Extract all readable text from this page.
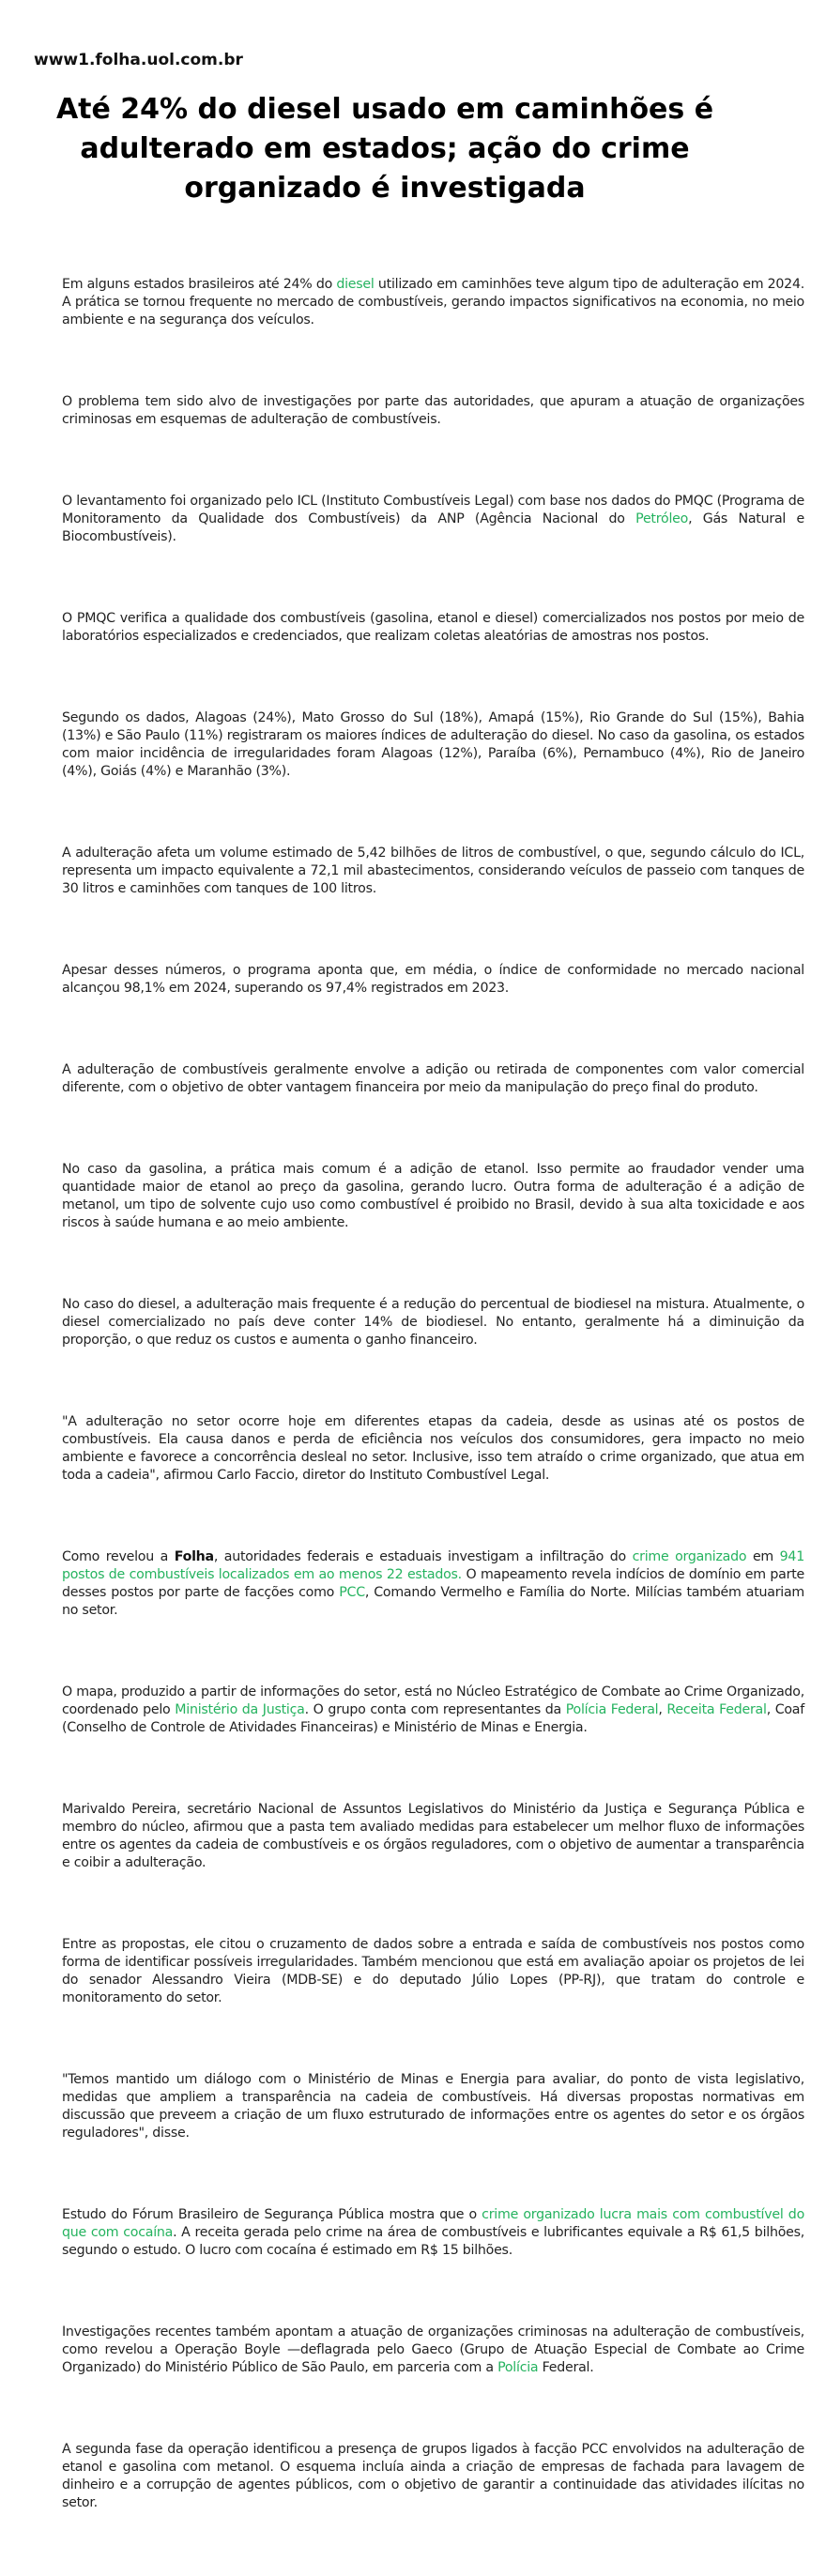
www1.folha.uol.com.br
Até 24% do diesel usado em caminhões é adulterado em estados; ação do crime organizado é investigada

Em alguns estados brasileiros até 24% do diesel utilizado em caminhões teve algum tipo de adulteração em 2024. A prática se tornou frequente no mercado de combustíveis, gerando impactos significativos na economia, no meio ambiente e na segurança dos veículos.

O problema tem sido alvo de investigações por parte das autoridades, que apuram a atuação de organizações criminosas em esquemas de adulteração de combustíveis.

O levantamento foi organizado pelo ICL (Instituto Combustíveis Legal) com base nos dados do PMQC (Programa de Monitoramento da Qualidade dos Combustíveis) da ANP (Agência Nacional do Petróleo, Gás Natural e Biocombustíveis).

O PMQC verifica a qualidade dos combustíveis (gasolina, etanol e diesel) comercializados nos postos por meio de laboratórios especializados e credenciados, que realizam coletas aleatórias de amostras nos postos.

Segundo os dados, Alagoas (24%), Mato Grosso do Sul (18%), Amapá (15%), Rio Grande do Sul (15%), Bahia (13%) e São Paulo (11%) registraram os maiores índices de adulteração do diesel. No caso da gasolina, os estados com maior incidência de irregularidades foram Alagoas (12%), Paraíba (6%), Pernambuco (4%), Rio de Janeiro (4%), Goiás (4%) e Maranhão (3%).

A adulteração afeta um volume estimado de 5,42 bilhões de litros de combustível, o que, segundo cálculo do ICL, representa um impacto equivalente a 72,1 mil abastecimentos, considerando veículos de passeio com tanques de 30 litros e caminhões com tanques de 100 litros.

Apesar desses números, o programa aponta que, em média, o índice de conformidade no mercado nacional alcançou 98,1% em 2024, superando os 97,4% registrados em 2023.

A adulteração de combustíveis geralmente envolve a adição ou retirada de componentes com valor comercial diferente, com o objetivo de obter vantagem financeira por meio da manipulação do preço final do produto.

No caso da gasolina, a prática mais comum é a adição de etanol. Isso permite ao fraudador vender uma quantidade maior de etanol ao preço da gasolina, gerando lucro. Outra forma de adulteração é a adição de metanol, um tipo de solvente cujo uso como combustível é proibido no Brasil, devido à sua alta toxicidade e aos riscos à saúde humana e ao meio ambiente.

No caso do diesel, a adulteração mais frequente é a redução do percentual de biodiesel na mistura. Atualmente, o diesel comercializado no país deve conter 14% de biodiesel. No entanto, geralmente há a diminuição da proporção, o que reduz os custos e aumenta o ganho financeiro.

"A adulteração no setor ocorre hoje em diferentes etapas da cadeia, desde as usinas até os postos de combustíveis. Ela causa danos e perda de eficiência nos veículos dos consumidores, gera impacto no meio ambiente e favorece a concorrência desleal no setor. Inclusive, isso tem atraído o crime organizado, que atua em toda a cadeia", afirmou Carlo Faccio, diretor do Instituto Combustível Legal.

Como revelou a Folha, autoridades federais e estaduais investigam a infiltração do crime organizado em 941 postos de combustíveis localizados em ao menos 22 estados. O mapeamento revela indícios de domínio em parte desses postos por parte de facções como PCC, Comando Vermelho e Família do Norte. Milícias também atuariam no setor.

O mapa, produzido a partir de informações do setor, está no Núcleo Estratégico de Combate ao Crime Organizado, coordenado pelo Ministério da Justiça. O grupo conta com representantes da Polícia Federal, Receita Federal, Coaf (Conselho de Controle de Atividades Financeiras) e Ministério de Minas e Energia.

Marivaldo Pereira, secretário Nacional de Assuntos Legislativos do Ministério da Justiça e Segurança Pública e membro do núcleo, afirmou que a pasta tem avaliado medidas para estabelecer um melhor fluxo de informações entre os agentes da cadeia de combustíveis e os órgãos reguladores, com o objetivo de aumentar a transparência e coibir a adulteração.

Entre as propostas, ele citou o cruzamento de dados sobre a entrada e saída de combustíveis nos postos como forma de identificar possíveis irregularidades. Também mencionou que está em avaliação apoiar os projetos de lei do senador Alessandro Vieira (MDB-SE) e do deputado Júlio Lopes (PP-RJ), que tratam do controle e monitoramento do setor.

"Temos mantido um diálogo com o Ministério de Minas e Energia para avaliar, do ponto de vista legislativo, medidas que ampliem a transparência na cadeia de combustíveis. Há diversas propostas normativas em discussão que preveem a criação de um fluxo estruturado de informações entre os agentes do setor e os órgãos reguladores", disse.

Estudo do Fórum Brasileiro de Segurança Pública mostra que o crime organizado lucra mais com combustível do que com cocaína. A receita gerada pelo crime na área de combustíveis e lubrificantes equivale a R$ 61,5 bilhões, segundo o estudo. O lucro com cocaína é estimado em R$ 15 bilhões.

Investigações recentes também apontam a atuação de organizações criminosas na adulteração de combustíveis, como revelou a Operação Boyle —deflagrada pelo Gaeco (Grupo de Atuação Especial de Combate ao Crime Organizado) do Ministério Público de São Paulo, em parceria com a Polícia Federal.

A segunda fase da operação identificou a presença de grupos ligados à facção PCC envolvidos na adulteração de etanol e gasolina com metanol. O esquema incluía ainda a criação de empresas de fachada para lavagem de dinheiro e a corrupção de agentes públicos, com o objetivo de garantir a continuidade das atividades ilícitas no setor.
